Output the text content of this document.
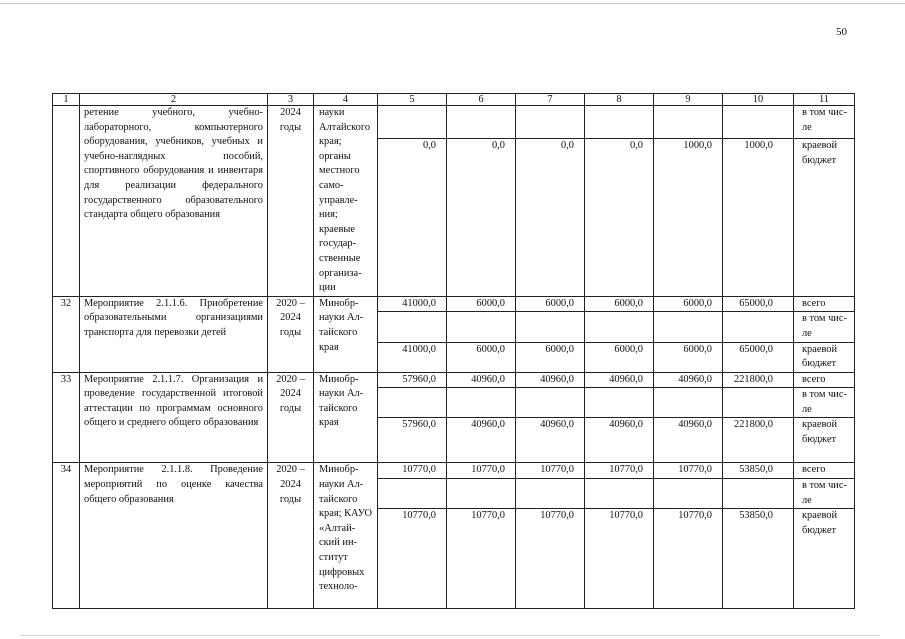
50
1	2	3	4	5	6	7	8	9	10	11
	ретение учебного, учебно-лабораторного, компьютерного оборудования, учебников, учебных и учебно-наглядных пособий, спортивного оборудования и инвентаря для реализации федерального государственного образовательного стандарта общего образования	2024 годы	науки Алтайского края; органы местного само-управле-ния; краевые государ-ственные организа-ции							в том чис-ле
				0,0	0,0	0,0	0,0	1000,0	1000,0	краевой бюджет
32	Мероприятие 2.1.1.6. Приобретение образовательными организациями транспорта для перевозки детей	2020 – 2024 годы	Минобр-науки Ал-тайского края	41000,0	6000,0	6000,0	6000,0	6000,0	65000,0	всего
										в том чис-ле
				41000,0	6000,0	6000,0	6000,0	6000,0	65000,0	краевой бюджет
33	Мероприятие 2.1.1.7. Организация и проведение государственной итоговой аттестации по программам основного общего и среднего общего образования	2020 – 2024 годы	Минобр-науки Ал-тайского края	57960,0	40960,0	40960,0	40960,0	40960,0	221800,0	всего
										в том чис-ле
				57960,0	40960,0	40960,0	40960,0	40960,0	221800,0	краевой бюджет
34	Мероприятие 2.1.1.8. Проведение мероприятий по оценке качества общего образования	2020 – 2024 годы	Минобр-науки Ал-тайского края; КАУО «Алтай-ский ин-ститут цифровых техноло-	10770,0	10770,0	10770,0	10770,0	10770,0	53850,0	всего
										в том чис-ле
				10770,0	10770,0	10770,0	10770,0	10770,0	53850,0	краевой бюджет
